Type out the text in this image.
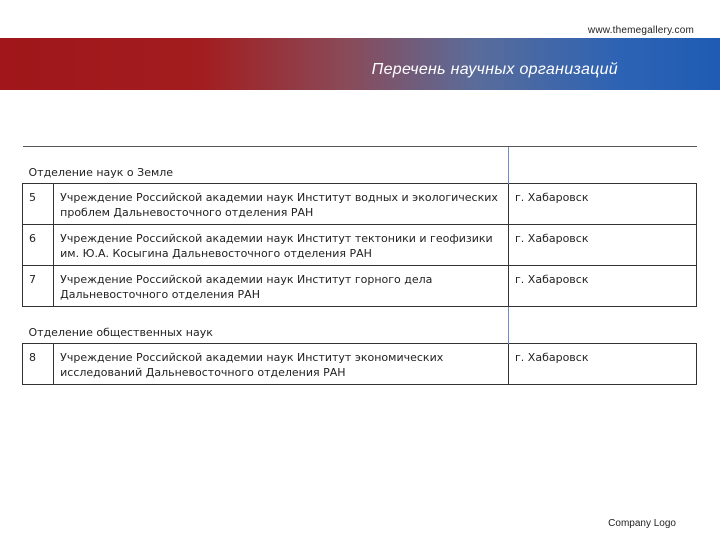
www.themegallery.com
Перечень научных организаций
Отделение наук о Земле		
5	Учреждение Российской академии наук Институт водных и экологических проблем Дальневосточного отделения РАН	г. Хабаровск
6	Учреждение Российской академии наук Институт тектоники и геофизики им. Ю.А. Косыгина Дальневосточного отделения РАН	г. Хабаровск
7	Учреждение Российской академии наук Институт горного дела Дальневосточного отделения РАН	г. Хабаровск
Отделение общественных наук		
8	Учреждение Российской академии наук Институт экономических исследований Дальневосточного отделения РАН	г. Хабаровск
Company Logo
